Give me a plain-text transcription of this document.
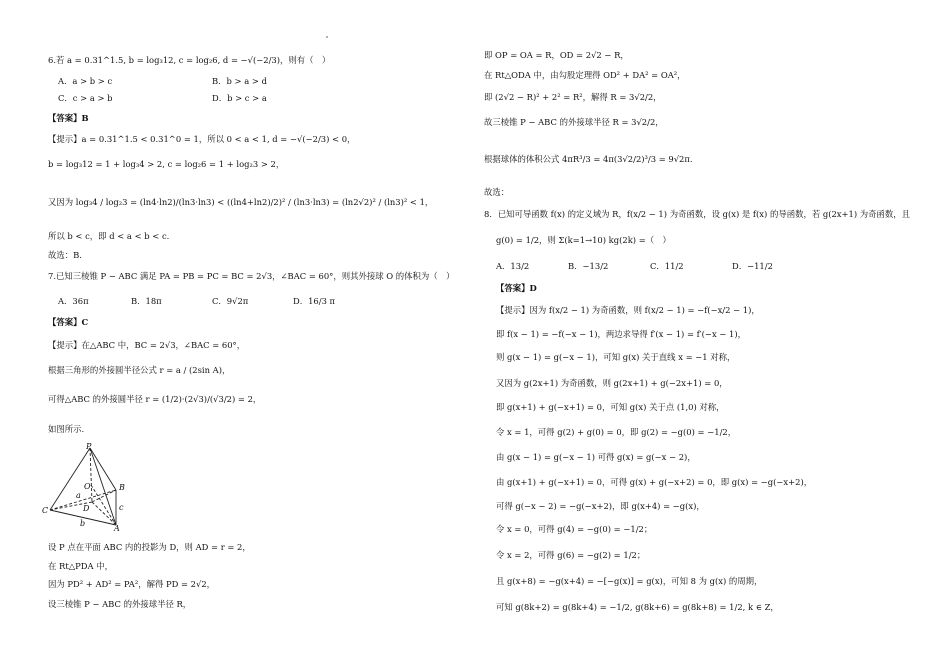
6.若 a = 0.31^1.5, b = log₃12, c = log₂6, d = −√(−2/3)，则有（　）
A．a > b > c	B．b > a > d
C．c > a > b	D．b > c > a
【答案】B
【提示】a = 0.31^1.5 < 0.31^0 = 1，所以 0 < a < 1, d = −√(−2/3) < 0，
b = log₃12 = 1 + log₃4 > 2, c = log₂6 = 1 + log₂3 > 2，
又因为 log₃4 / log₂3 = (ln4·ln2)/(ln3·ln3) < ((ln4+ln2)/2)² / (ln3·ln3) = (ln2√2)² / (ln3)² < 1，
所以 b < c，即 d < a < b < c.
故选：B.
7.已知三棱锥 P − ABC 满足 PA = PB = PC = BC = 2√3，∠BAC = 60°，则其外接球 O 的体积为（　）
A．36π	B．18π	C．9√2π	D．16/3 π
【答案】C
【提示】在△ABC 中，BC = 2√3，∠BAC = 60°，
根据三角形的外接圆半径公式 r = a / (2sin A)，
可得△ABC 的外接圆半径 r = (1/2)·(2√3)/(√3/2) = 2，
如图所示.
P
O	B
C	D
A
a
b
c
设 P 点在平面 ABC 内的投影为 D，则 AD = r = 2，
在 Rt△PDA 中，
因为 PD² + AD² = PA²，解得 PD = 2√2，
设三棱锥 P − ABC 的外接球半径 R，
即 OP = OA = R，OD = 2√2 − R，
在 Rt△ODA 中，由勾股定理得 OD² + DA² = OA²，
即 (2√2 − R)² + 2² = R²，解得 R = 3√2/2，
故三棱锥 P − ABC 的外接球半径 R = 3√2/2，
根据球体的体积公式 4πR³/3 = 4π(3√2/2)³/3 = 9√2π.
故选：
8．已知可导函数 f(x) 的定义域为 R，f(x/2 − 1) 为奇函数，设 g(x) 是 f(x) 的导函数，若 g(2x+1) 为奇函数，且
g(0) = 1/2，则 Σ(k=1→10) kg(2k) =（　）
A．13/2	B．−13/2	C．11/2	D．−11/2
【答案】D
【提示】因为 f(x/2 − 1) 为奇函数，则 f(x/2 − 1) = −f(−x/2 − 1)，
即 f(x − 1) = −f(−x − 1)，两边求导得 f′(x − 1) = f′(−x − 1)，
则 g(x − 1) = g(−x − 1)，可知 g(x) 关于直线 x = −1 对称，
又因为 g(2x+1) 为奇函数，则 g(2x+1) + g(−2x+1) = 0，
即 g(x+1) + g(−x+1) = 0，可知 g(x) 关于点 (1,0) 对称，
令 x = 1，可得 g(2) + g(0) = 0，即 g(2) = −g(0) = −1/2，
由 g(x − 1) = g(−x − 1) 可得 g(x) = g(−x − 2)，
由 g(x+1) + g(−x+1) = 0，可得 g(x) + g(−x+2) = 0，即 g(x) = −g(−x+2)，
可得 g(−x − 2) = −g(−x+2)，即 g(x+4) = −g(x)，
令 x = 0，可得 g(4) = −g(0) = −1/2；
令 x = 2，可得 g(6) = −g(2) = 1/2；
且 g(x+8) = −g(x+4) = −[−g(x)] = g(x)，可知 8 为 g(x) 的周期，
可知 g(8k+2) = g(8k+4) = −1/2, g(8k+6) = g(8k+8) = 1/2, k ∈ Z，
